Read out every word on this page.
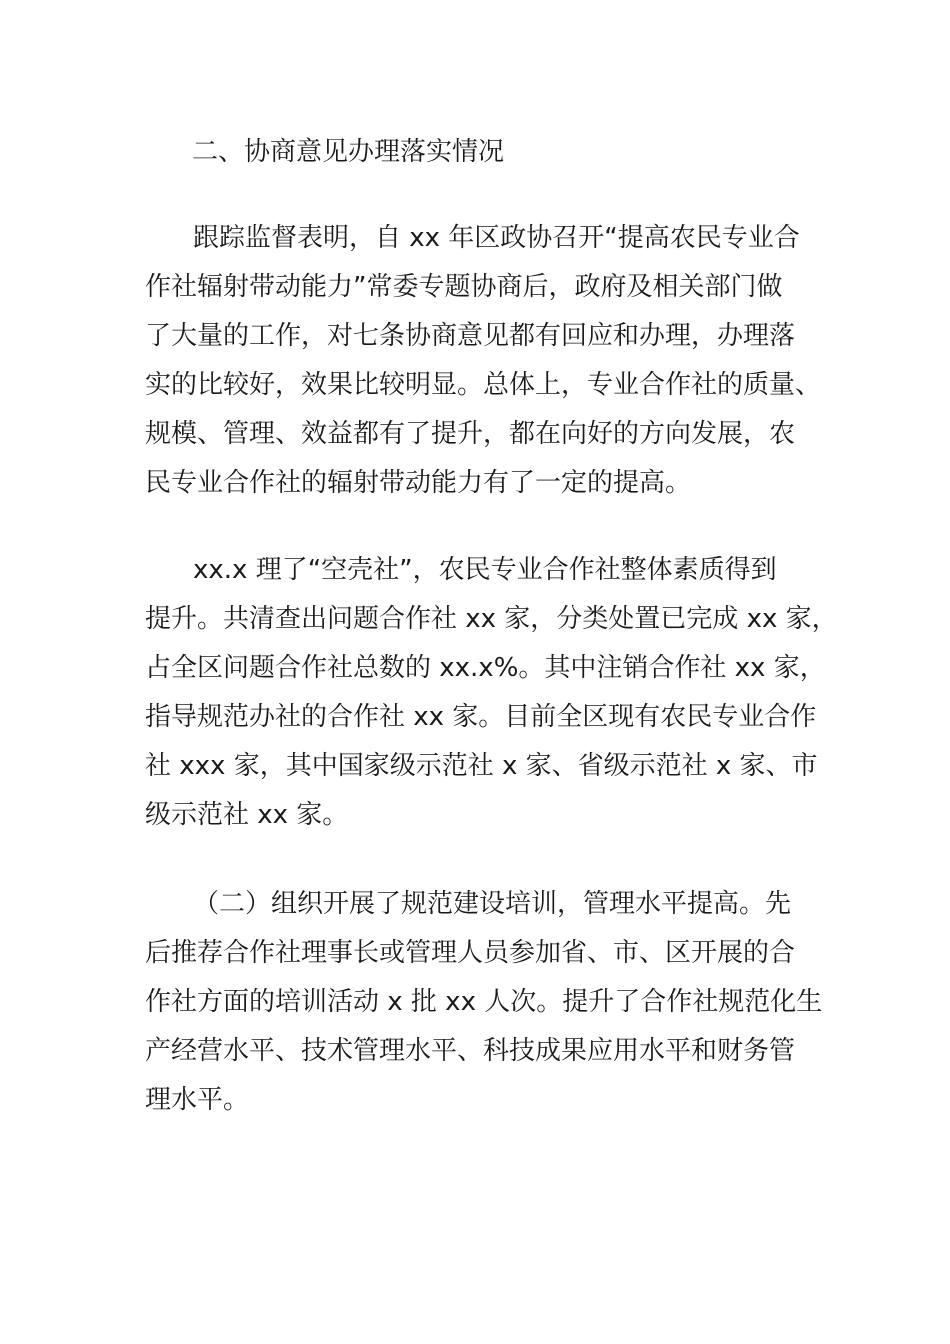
二、协商意见办理落实情况
跟踪监督表明，自 xx 年区政协召开“提高农民专业合
作社辐射带动能力”常委专题协商后，政府及相关部门做
了大量的工作，对七条协商意见都有回应和办理，办理落
实的比较好，效果比较明显。总体上，专业合作社的质量、
规模、管理、效益都有了提升，都在向好的方向发展，农
民专业合作社的辐射带动能力有了一定的提高。
xx.x 理了“空壳社”，农民专业合作社整体素质得到
提升。共清查出问题合作社 xx 家，分类处置已完成 xx 家，
占全区问题合作社总数的 xx.x%。其中注销合作社 xx 家，
指导规范办社的合作社 xx 家。目前全区现有农民专业合作
社 xxx 家，其中国家级示范社 x 家、省级示范社 x 家、市
级示范社 xx 家。
（二）组织开展了规范建设培训，管理水平提高。先
后推荐合作社理事长或管理人员参加省、市、区开展的合
作社方面的培训活动 x 批 xx 人次。提升了合作社规范化生
产经营水平、技术管理水平、科技成果应用水平和财务管
理水平。
